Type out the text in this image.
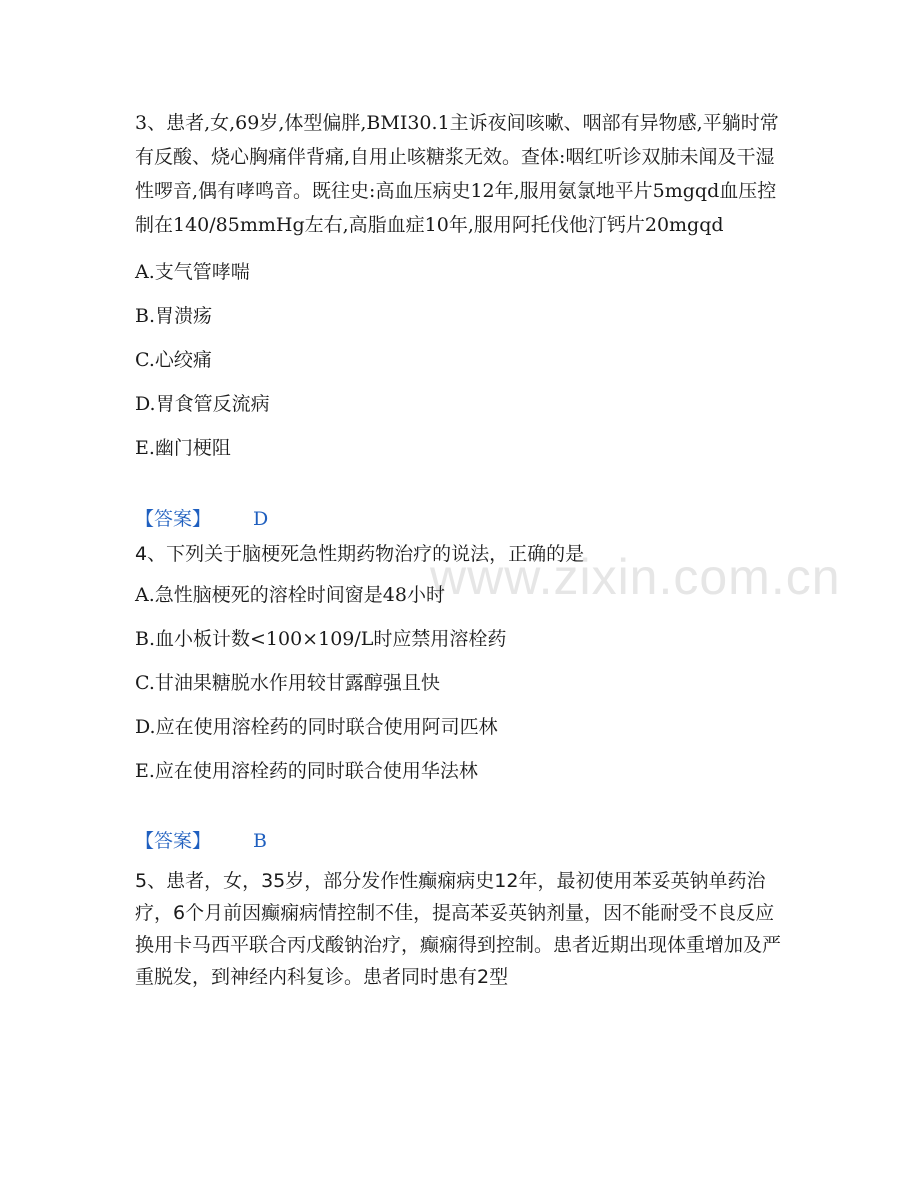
www.zixin.com.cn

3、患者,女,69岁,体型偏胖,BMI30.1主诉夜间咳嗽、咽部有异物感,平躺时常有反酸、烧心胸痛伴背痛,自用止咳糖浆无效。查体:咽红听诊双肺未闻及干湿性啰音,偶有哮鸣音。既往史:高血压病史12年,服用氨氯地平片5mgqd血压控制在140/85mmHg左右,高脂血症10年,服用阿托伐他汀钙片20mgqd

A.支气管哮喘
B.胃溃疡
C.心绞痛
D.胃食管反流病
E.幽门梗阻
【答案】 D

4、下列关于脑梗死急性期药物治疗的说法，正确的是

A.急性脑梗死的溶栓时间窗是48小时
B.血小板计数<100×109/L时应禁用溶栓药
C.甘油果糖脱水作用较甘露醇强且快
D.应在使用溶栓药的同时联合使用阿司匹林
E.应在使用溶栓药的同时联合使用华法林
【答案】 B

5、患者，女，35岁，部分发作性癫痫病史12年，最初使用苯妥英钠单药治疗，6个月前因癫痫病情控制不佳，提高苯妥英钠剂量，因不能耐受不良反应换用卡马西平联合丙戊酸钠治疗，癫痫得到控制。患者近期出现体重增加及严重脱发，到神经内科复诊。患者同时患有2型
